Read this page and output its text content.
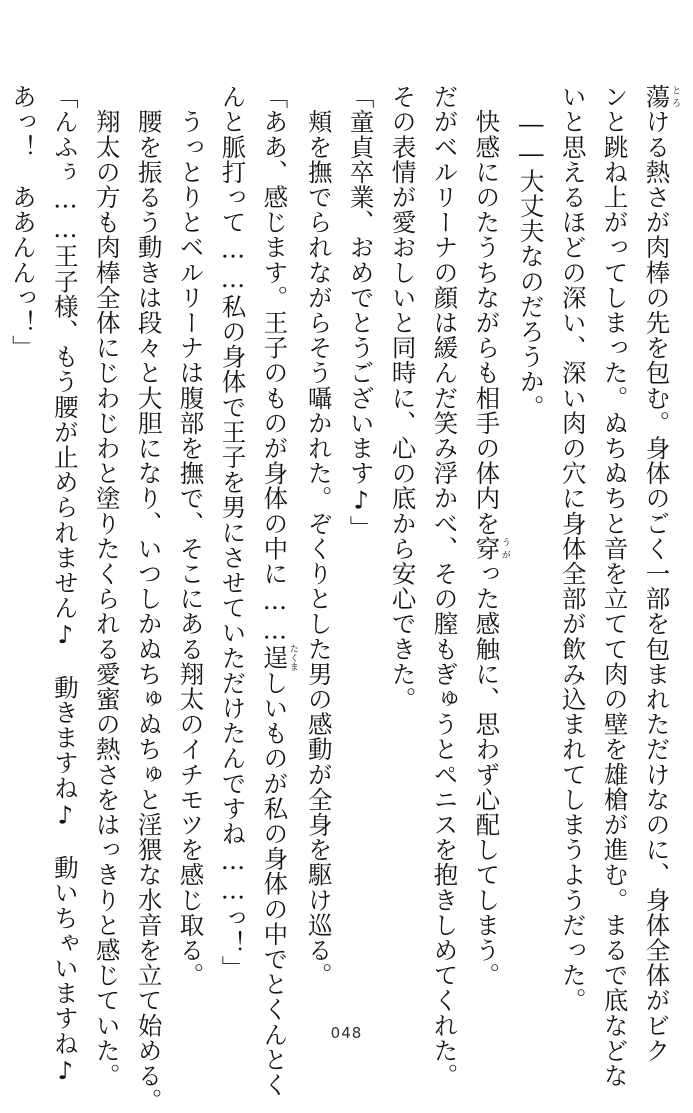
蕩とろける熱さが肉棒の先を包む。身体のごく一部を包まれただけなのに、身体全体がビク
ンと跳ね上がってしまった。ぬちぬちと音を立てて肉の壁を雄槍が進む。まるで底などな
いと思えるほどの深い、深い肉の穴に身体全部が飲み込まれてしまうようだった。
　――大丈夫なのだろうか。
　快感にのたうちながらも相手の体内を穿うがった感触に、思わず心配してしまう。
だがベルリーナの顔は緩んだ笑み浮かべ、その膣もぎゅうとペニスを抱きしめてくれた。
その表情が愛おしいと同時に、心の底から安心できた。
「童貞卒業、おめでとうございます♪」
　頬を撫でられながらそう囁かれた。ぞくりとした男の感動が全身を駆け巡る。
「ああ、感じます。王子のものが身体の中に……逞たくましいものが私の身体の中でとくんとく
んと脈打って……私の身体で王子を男にさせていただけたんですね……っ！」
　うっとりとベルリーナは腹部を撫で、そこにある翔太のイチモツを感じ取る。
　腰を振るう動きは段々と大胆になり、いつしかぬちゅぬちゅと淫猥な水音を立て始める。
　翔太の方も肉棒全体にじわじわと塗りたくられる愛蜜の熱さをはっきりと感じていた。
「んふぅ……王子様、もう腰が止められません♪　動きますね♪　動いちゃいますね♪
あっ！　ああんんっ！」
048
